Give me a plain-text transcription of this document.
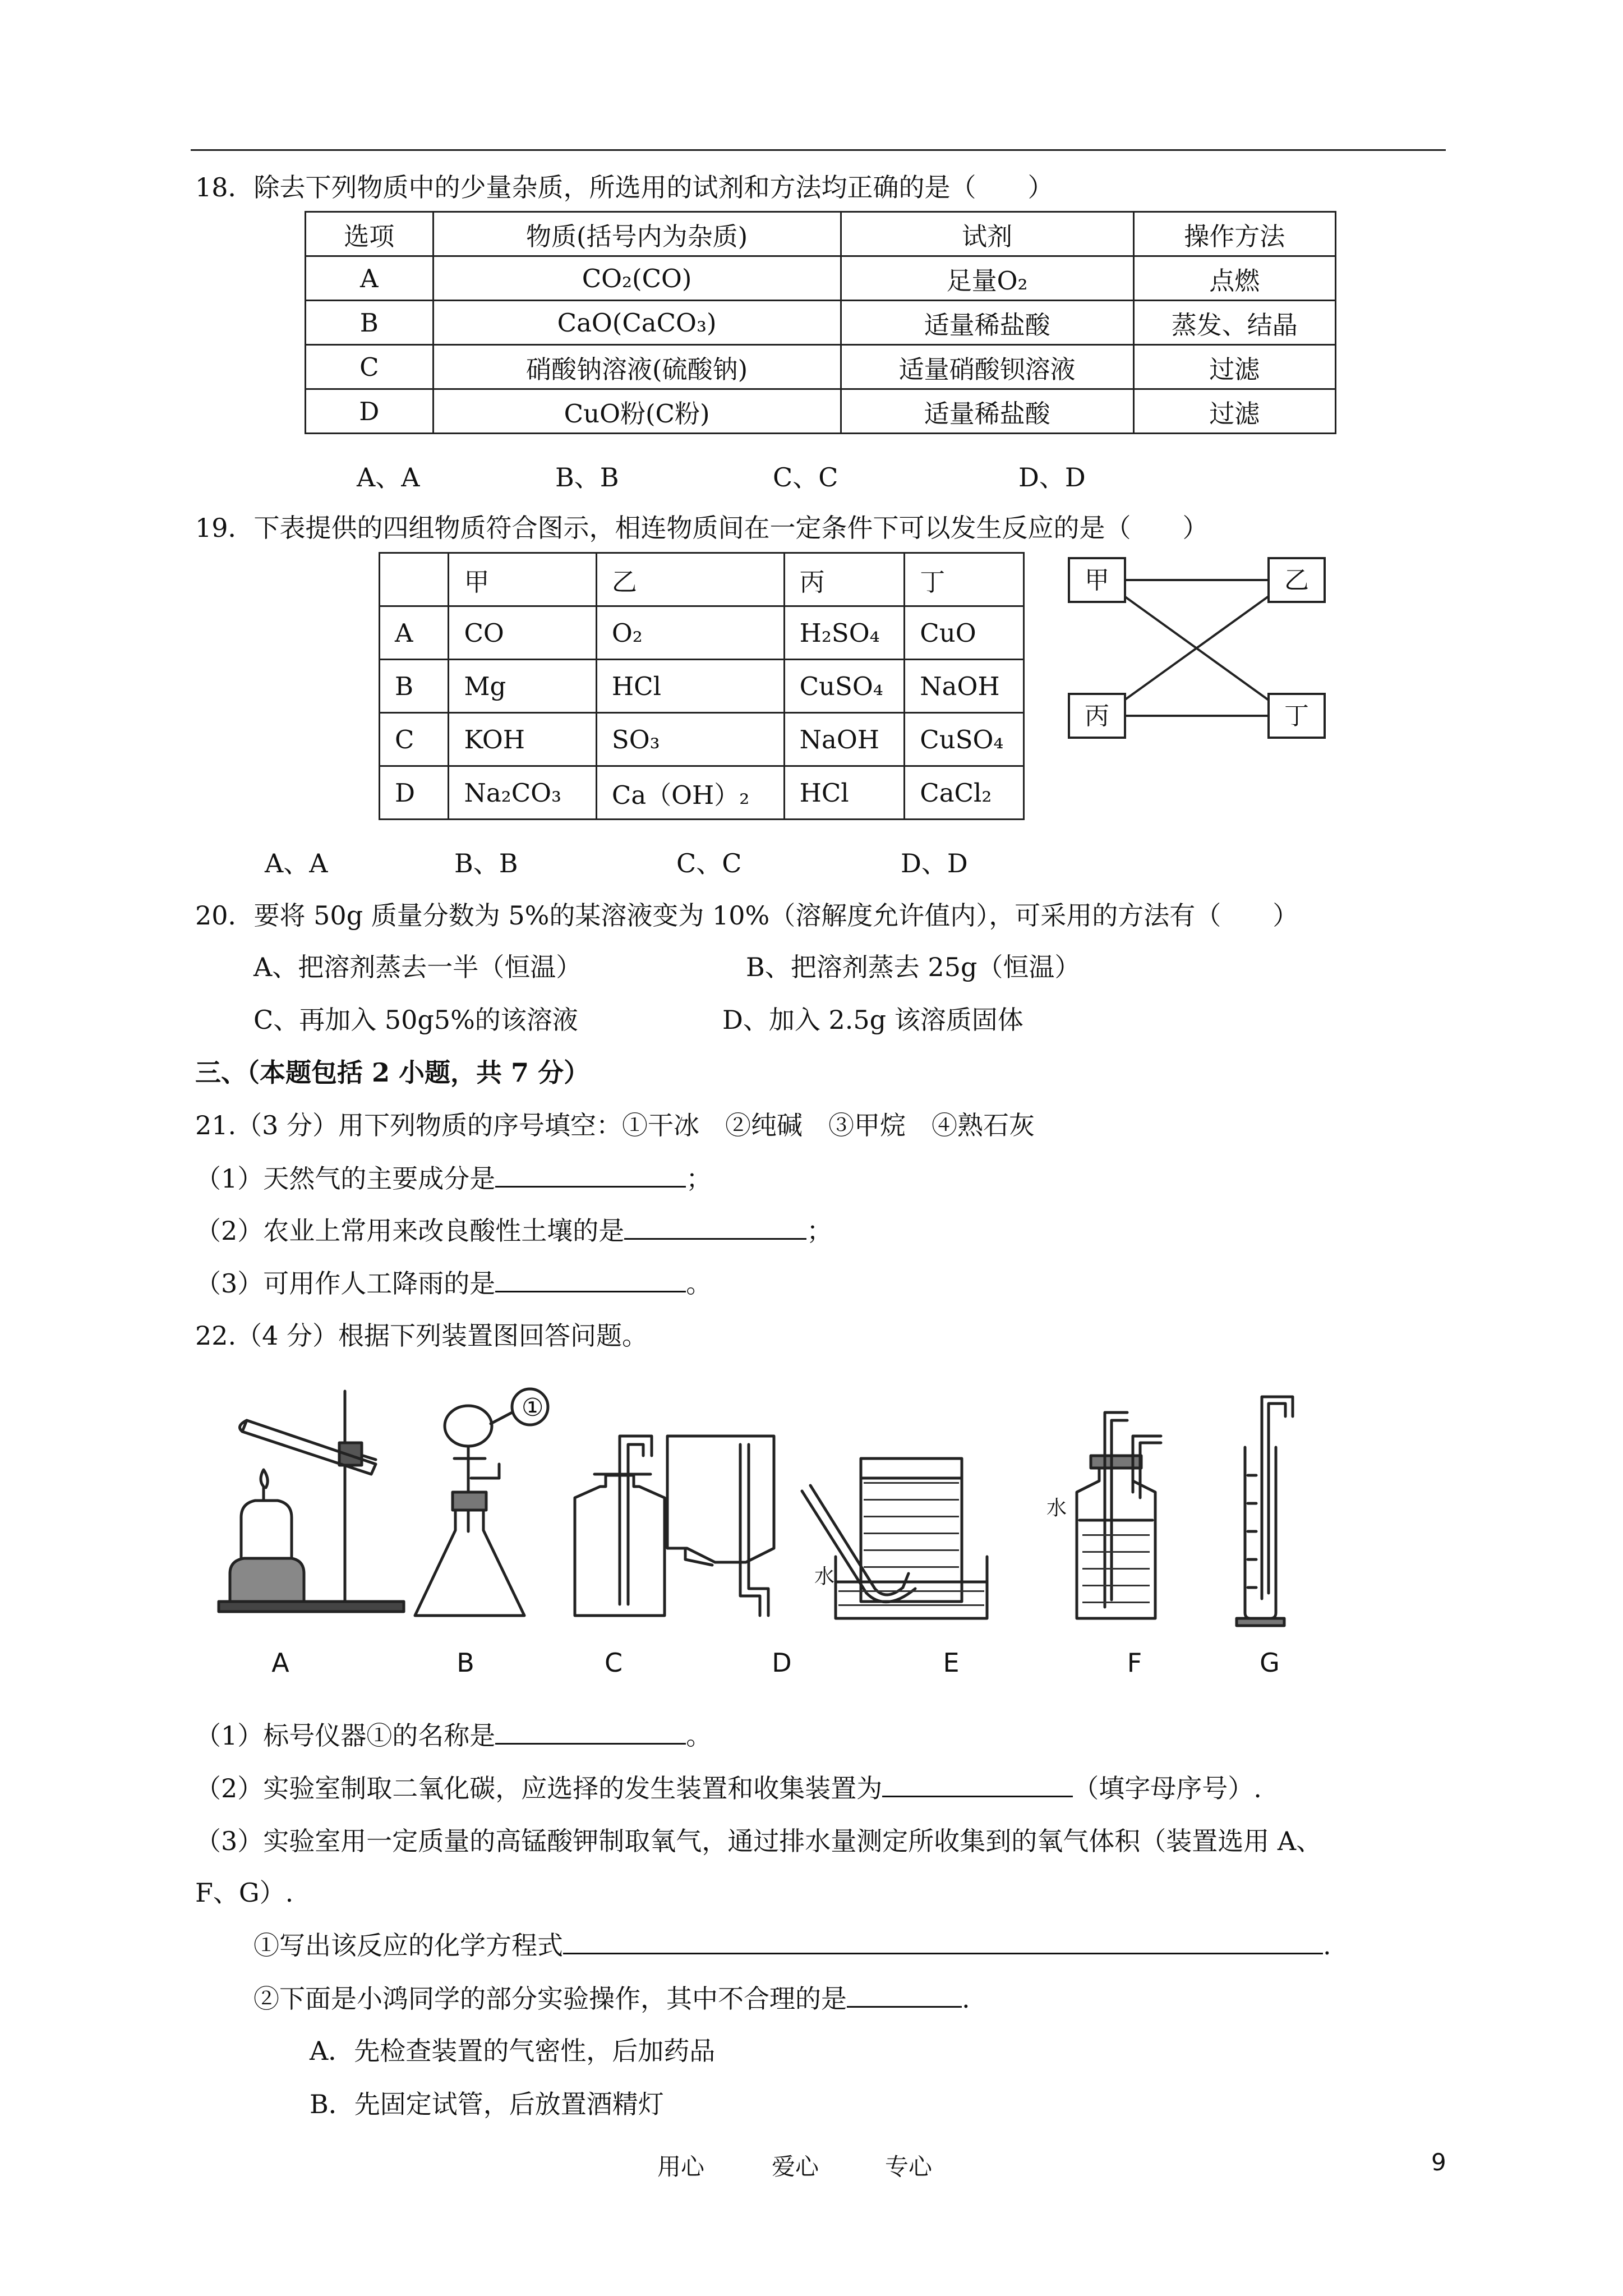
18．除去下列物质中的少量杂质，所选用的试剂和方法均正确的是（　　）
选项	物质(括号内为杂质)	试剂	操作方法
A	CO₂(CO)	足量O₂	点燃
B	CaO(CaCO₃)	适量稀盐酸	蒸发、结晶
C	硝酸钠溶液(硫酸钠)	适量硝酸钡溶液	过滤
D	CuO粉(C粉)	适量稀盐酸	过滤
A、A	B、B	C、C	D、D
19．下表提供的四组物质符合图示，相连物质间在一定条件下可以发生反应的是（　　）
	甲	乙	丙	丁
A	CO	O₂	H₂SO₄	CuO
B	Mg	HCl	CuSO₄	NaOH
C	KOH	SO₃	NaOH	CuSO₄
D	Na₂CO₃	Ca（OH）₂	HCl	CaCl₂
甲	乙
丙	丁
A、A	B、B	C、C	D、D
20．要将 50g 质量分数为 5%的某溶液变为 10%（溶解度允许值内），可采用的方法有（　　）
A、把溶剂蒸去一半（恒温）	B、把溶剂蒸去 25g（恒温）
C、再加入 50g5%的该溶液	D、加入 2.5g 该溶质固体
三、（本题包括 2 小题，共 7 分）
21.（3 分）用下列物质的序号填空：①干冰　②纯碱　③甲烷　④熟石灰
（1）天然气的主要成分是	；
（2）农业上常用来改良酸性土壤的是	；
（3）可用作人工降雨的是	。
22.（4 分）根据下列装置图回答问题。
①
水
水
A	B	C	D	E	F	G
（1）标号仪器①的名称是	。
（2）实验室制取二氧化碳，应选择的发生装置和收集装置为	（填字母序号）.
（3）实验室用一定质量的高锰酸钾制取氧气，通过排水量测定所收集到的氧气体积（装置选用 A、
F、G）.
①写出该反应的化学方程式	.
②下面是小鸿同学的部分实验操作，其中不合理的是	.
A．先检查装置的气密性，后加药品
B．先固定试管，后放置酒精灯
用心	爱心	专心	9
